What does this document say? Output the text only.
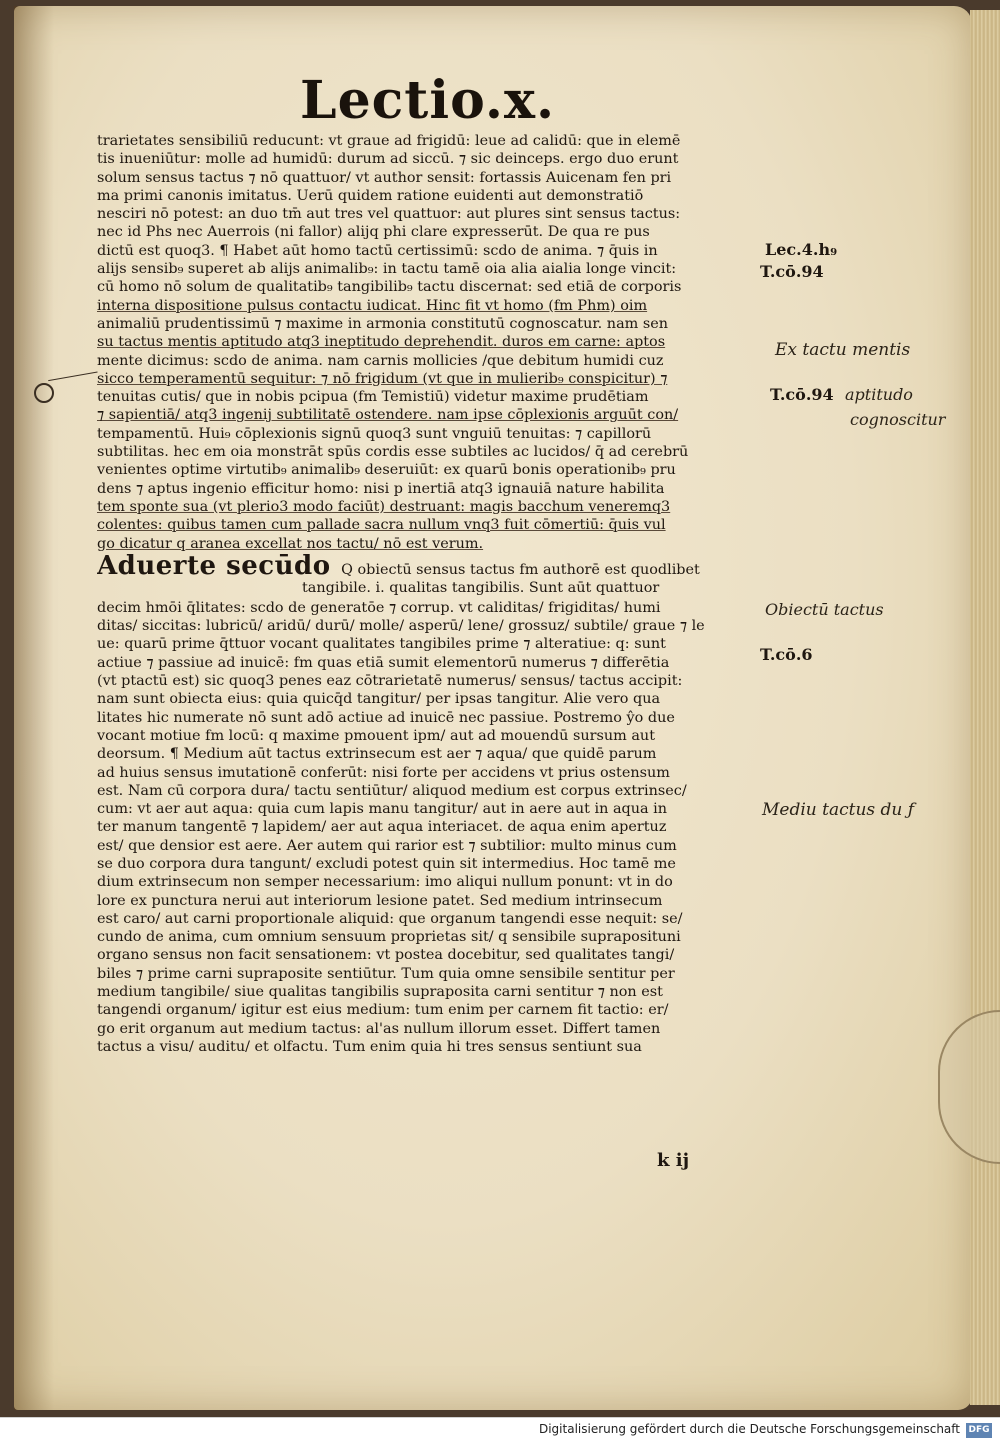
Lectio.x.
trarietates sensibiliū reducunt: vt graue ad frigidū: leue ad calidū: que in elemē
tis inueniūtur: molle ad humidū: durum ad siccū. ⁊ sic deinceps. ergo duo erunt
solum sensus tactus ⁊ nō quattuor/ vt author sensit: fortassis Auicenam fen pri
ma primi canonis imitatus. Uerū quidem ratione euidenti aut demonstratiō
nesciri nō potest: an duo tm̄ aut tres vel quattuor: aut plures sint sensus tactus:
nec id Phs nec Auerrois (ni fallor) alijq phi clare expresserūt. De qua re pus
dictū est quoq3. ¶ Habet aūt homo tactū certissimū: scdo de anima. ⁊ q̄uis in
alijs sensib₉ superet ab alijs animalib₉: in tactu tamē oia alia aialia longe vincit:
cū homo nō solum de qualitatib₉ tangibilib₉ tactu discernat: sed etiā de corporis
interna dispositione pulsus contactu iudicat. Hinc fit vt homo (fm Phm) oim
animaliū prudentissimū ⁊ maxime in armonia constitutū cognoscatur. nam sen
su tactus mentis aptitudo atq3 ineptitudo deprehendit. duros em carne: aptos
mente dicimus: scdo de anima. nam carnis mollicies /que debitum humidi cuz
sicco temperamentū sequitur: ⁊ nō frigidum (vt que in mulierib₉ conspicitur) ⁊
tenuitas cutis/ que in nobis pcipua (fm Temistiū) videtur maxime prudētiam
⁊ sapientiā/ atq3 ingenij subtilitatē ostendere. nam ipse cōplexionis arguūt con/
tempamentū. Hui₉ cōplexionis signū quoq3 sunt vnguiū tenuitas: ⁊ capillorū
subtilitas. hec em oia monstrāt spūs cordis esse subtiles ac lucidos/ q̄ ad cerebrū
venientes optime virtutib₉ animalib₉ deseruiūt: ex quarū bonis operationib₉ pru
dens ⁊ aptus ingenio efficitur homo: nisi p inertiā atq3 ignauiā nature habilita
tem sponte sua (vt plerio3 modo faciūt) destruant: magis bacchum veneremq3
colentes: quibus tamen cum pallade sacra nullum vnq3 fuit cōmertiū: q̄uis vul
go dicatur q aranea excellat nos tactu/ nō est verum.
Aduerte secūdo Q obiectū sensus tactus fm authorē est quodlibet
tangibile. i. qualitas tangibilis. Sunt aūt quattuor
decim hmōi q̄litates: scdo de generatōe ⁊ corrup. vt caliditas/ frigiditas/ humi
ditas/ siccitas: lubricū/ aridū/ durū/ molle/ asperū/ lene/ grossuz/ subtile/ graue ⁊ le
ue: quarū prime q̄ttuor vocant qualitates tangibiles prime ⁊ alteratiue: q: sunt
actiue ⁊ passiue ad inuicē: fm quas etiā sumit elementorū numerus ⁊ differētia
(vt ptactū est) sic quoq3 penes eaz cōtrarietatē numerus/ sensus/ tactus accipit:
nam sunt obiecta eius: quia quicq̄d tangitur/ per ipsas tangitur. Alie vero qua
litates hic numerate nō sunt adō actiue ad inuicē nec passiue. Postremo ŷo due
vocant motiue fm locū: q maxime pmouent ipm/ aut ad mouendū sursum aut
deorsum. ¶ Medium aūt tactus extrinsecum est aer ⁊ aqua/ que quidē parum
ad huius sensus imutationē conferūt: nisi forte per accidens vt prius ostensum
est. Nam cū corpora dura/ tactu sentiūtur/ aliquod medium est corpus extrinsec/
cum: vt aer aut aqua: quia cum lapis manu tangitur/ aut in aere aut in aqua in
ter manum tangentē ⁊ lapidem/ aer aut aqua interiacet. de aqua enim apertuz
est/ que densior est aere. Aer autem qui rarior est ⁊ subtilior: multo minus cum
se duo corpora dura tangunt/ excludi potest quin sit intermedius. Hoc tamē me
dium extrinsecum non semper necessarium: imo aliqui nullum ponunt: vt in do
lore ex punctura nerui aut interiorum lesione patet. Sed medium intrinsecum
est caro/ aut carni proportionale aliquid: que organum tangendi esse nequit: se/
cundo de anima, cum omnium sensuum proprietas sit/ q sensibile supraposituni
organo sensus non facit sensationem: vt postea docebitur, sed qualitates tangi/
biles ⁊ prime carni supraposite sentiūtur. Tum quia omne sensibile sentitur per
medium tangibile/ siue qualitas tangibilis supraposita carni sentitur ⁊ non est
tangendi organum/ igitur est eius medium: tum enim per carnem fit tactio: er/
go erit organum aut medium tactus: al'as nullum illorum esset. Differt tamen
tactus a visu/ auditu/ et olfactu. Tum enim quia hi tres sensus sentiunt sua
k ij
Lec.4.h₉
T.cō.94
Ex tactu mentis
T.cō.94 aptitudo
cognoscitur
Obiectū tactus
T.cō.6
Mediu tactus du ƒ
Digitalisierung gefördert durch die Deutsche Forschungsgemeinschaft DFG
